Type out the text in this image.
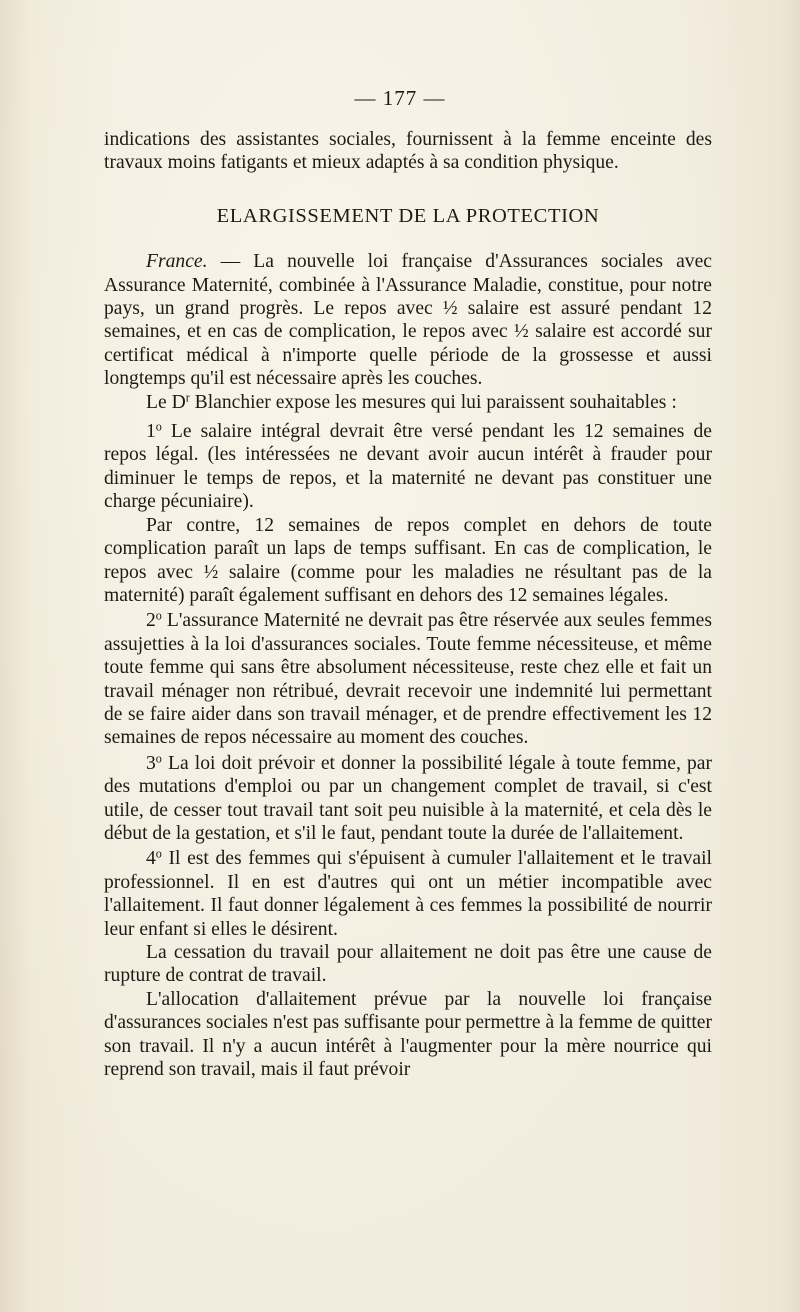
— 177 —

indications des assistantes sociales, fournissent à la femme enceinte des travaux moins fatigants et mieux adaptés à sa condition physique.

ELARGISSEMENT DE LA PROTECTION

France. — La nouvelle loi française d'Assurances sociales avec Assurance Maternité, combinée à l'Assurance Maladie, constitue, pour notre pays, un grand progrès. Le repos avec ½ salaire est assuré pendant 12 semaines, et en cas de complication, le repos avec ½ salaire est accordé sur certificat médical à n'importe quelle période de la grossesse et aussi longtemps qu'il est nécessaire après les couches.

Le $D^r$ Blanchier expose les mesures qui lui paraissent souhaitables :

1$^o$ Le salaire intégral devrait être versé pendant les 12 semaines de repos légal. (les intéressées ne devant avoir aucun intérêt à frauder pour diminuer le temps de repos, et la maternité ne devant pas constituer une charge pécuniaire).

Par contre, 12 semaines de repos complet en dehors de toute complication paraît un laps de temps suffisant. En cas de complication, le repos avec ½ salaire (comme pour les maladies ne résultant pas de la maternité) paraît également suffisant en dehors des 12 semaines légales.

2$^o$ L'assurance Maternité ne devrait pas être réservée aux seules femmes assujetties à la loi d'assurances sociales. Toute femme nécessiteuse, et même toute femme qui sans être absolument nécessiteuse, reste chez elle et fait un travail ménager non rétribué, devrait recevoir une indemnité lui permettant de se faire aider dans son travail ménager, et de prendre effectivement les 12 semaines de repos nécessaire au moment des couches.

3$^o$ La loi doit prévoir et donner la possibilité légale à toute femme, par des mutations d'emploi ou par un changement complet de travail, si c'est utile, de cesser tout travail tant soit peu nuisible à la maternité, et cela dès le début de la gestation, et s'il le faut, pendant toute la durée de l'allaitement.

4$^o$ Il est des femmes qui s'épuisent à cumuler l'allaitement et le travail professionnel. Il en est d'autres qui ont un métier incompatible avec l'allaitement. Il faut donner légalement à ces femmes la possibilité de nourrir leur enfant si elles le désirent.

La cessation du travail pour allaitement ne doit pas être une cause de rupture de contrat de travail.

L'allocation d'allaitement prévue par la nouvelle loi française d'assurances sociales n'est pas suffisante pour permettre à la femme de quitter son travail. Il n'y a aucun intérêt à l'augmenter pour la mère nourrice qui reprend son travail, mais il faut prévoir
